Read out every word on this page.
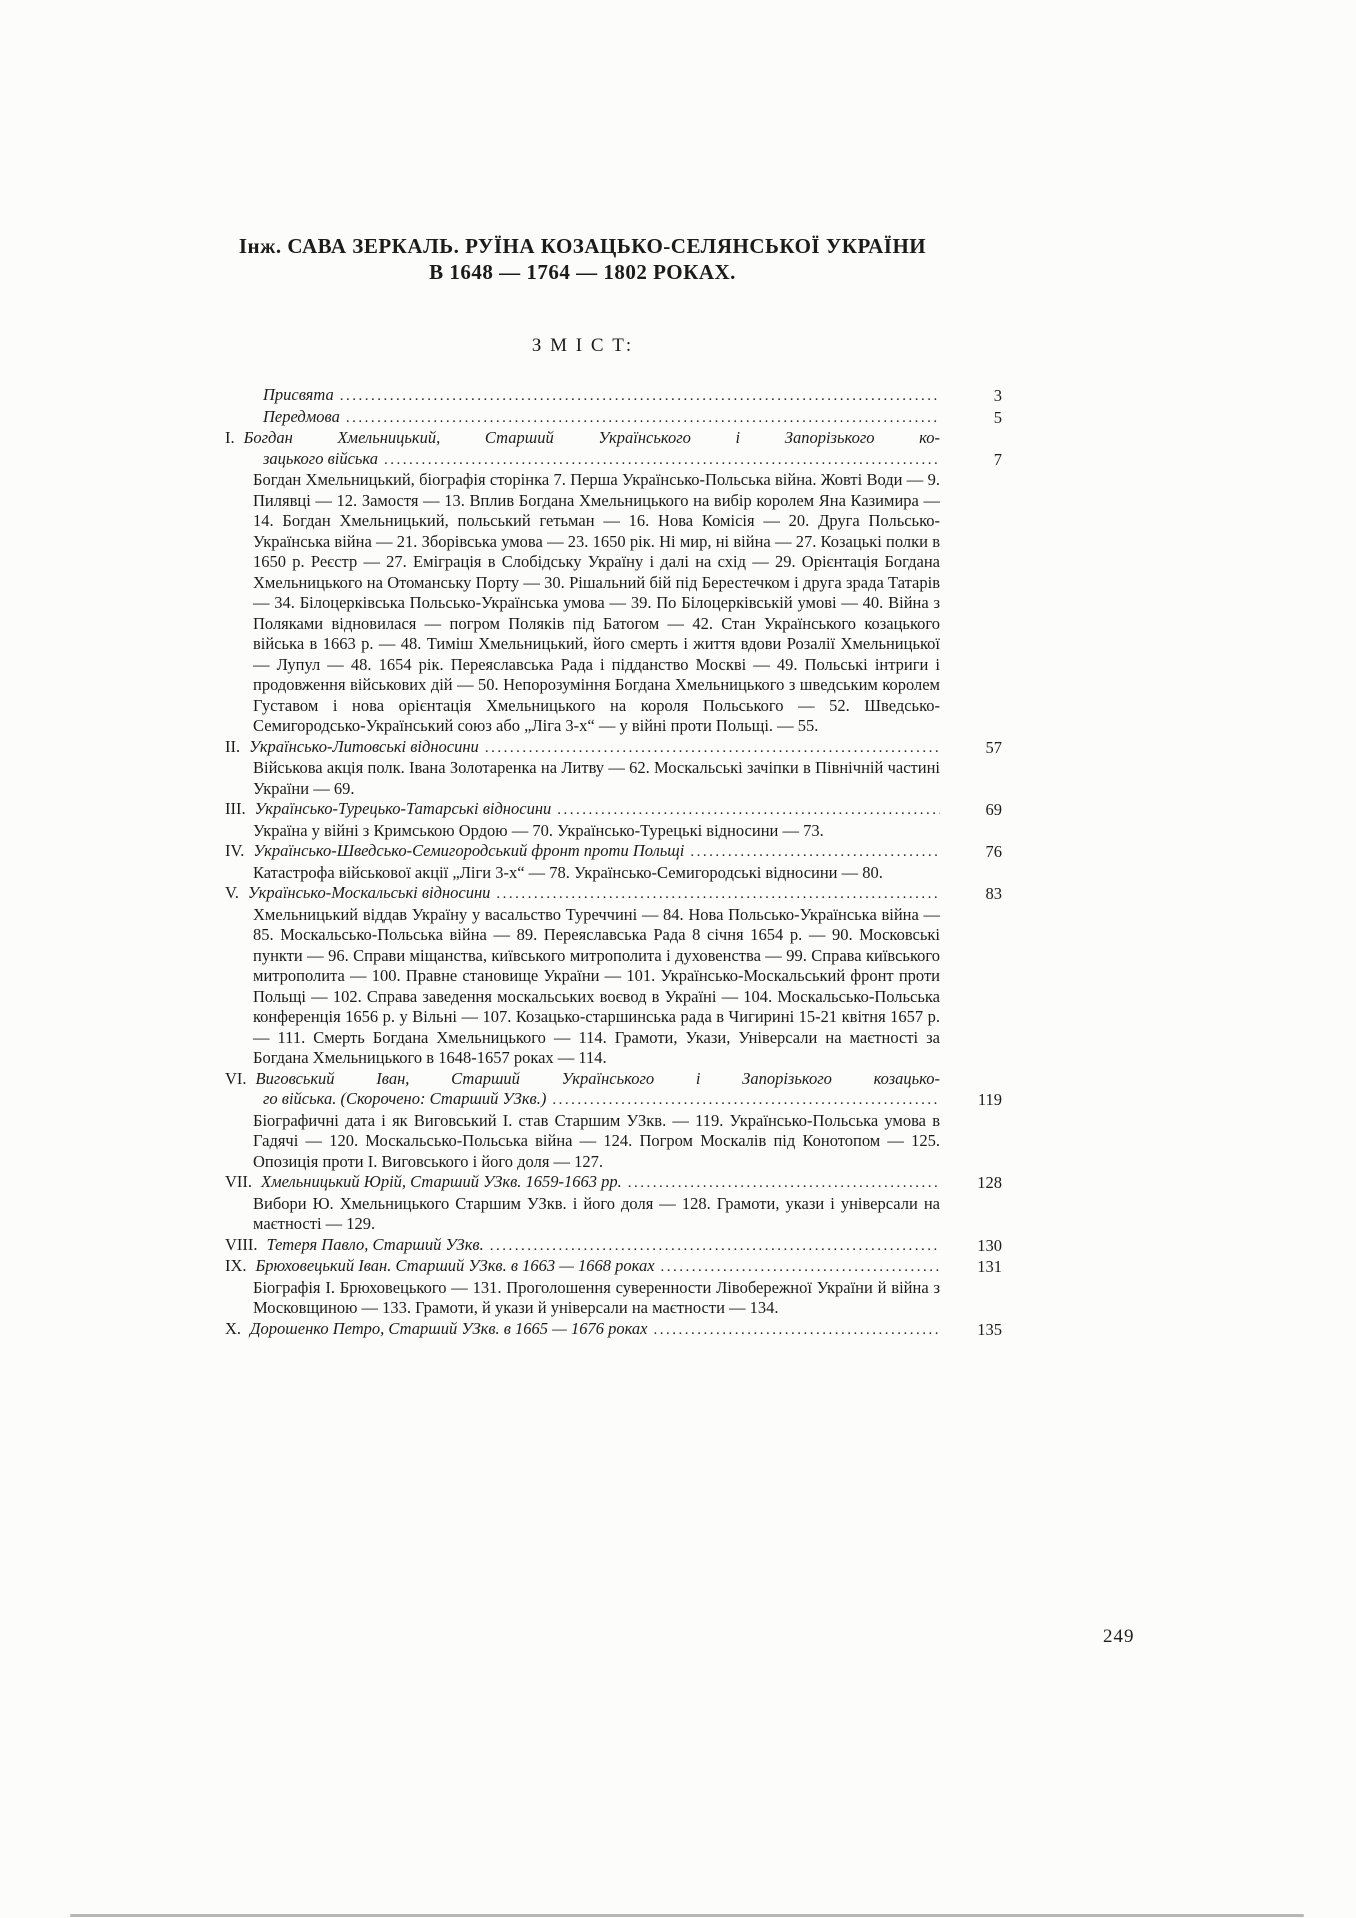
Інж. САВА ЗЕРКАЛЬ. РУЇНА КОЗАЦЬКО-СЕЛЯНСЬКОЇ УКРАЇНИ
В 1648 — 1764 — 1802 РОКАХ.
З М І С Т:
Присвята .....	3
Передмова .....	5
I. Богдан Хмельницький, Старший Українського і Запорізького ко-
зацького війська .....	7
Богдан Хмельницький, біографія сторінка 7. Перша Українсько-Польська війна. Жовті Води — 9. Пилявці — 12. Замостя — 13. Вплив Богдана Хмельницького на вибір королем Яна Казимира — 14. Богдан Хмельницький, польський гетьман — 16. Нова Комісія — 20. Друга Польсько-Українська війна — 21. Зборівська умова — 23. 1650 рік. Ні мир, ні війна — 27. Козацькі полки в 1650 р. Реєстр — 27. Еміграція в Слобідську Україну і далі на схід — 29. Орієнтація Богдана Хмельницького на Отоманську Порту — 30. Рішальний бій під Берестечком і друга зрада Татарів — 34. Білоцерківська Польсько-Українська умова — 39. По Білоцерківській умові — 40. Війна з Поляками відновилася — погром Поляків під Батогом — 42. Стан Українського козацького війська в 1663 р. — 48. Тиміш Хмельницький, його смерть і життя вдови Розалії Хмельницької — Лупул — 48. 1654 рік. Переяславська Рада і підданство Москві — 49. Польські інтриги і продовження військових дій — 50. Непорозуміння Богдана Хмельницького з шведським королем Густавом і нова орієнтація Хмельницького на короля Польського — 52. Шведсько-Семигородсько-Український союз або „Ліга 3-х“ — у війні проти Польщі. — 55.
II. Українсько-Литовські відносини .....	57
Військова акція полк. Івана Золотаренка на Литву — 62. Москальські зачіпки в Північній частині України — 69.
III. Українсько-Турецько-Татарські відносини .....	69
Україна у війні з Кримською Ордою — 70. Українсько-Турецькі відносини — 73.
IV. Українсько-Шведсько-Семигородський фронт проти Польщі .....	76
Катастрофа військової акції „Ліги 3-х“ — 78. Українсько-Семигородські відносини — 80.
V. Українсько-Москальські відносини .....	83
Хмельницький віддав Україну у васальство Туреччині — 84. Нова Польсько-Українська війна — 85. Москальсько-Польська війна — 89. Переяславська Рада 8 січня 1654 р. — 90. Московські пункти — 96. Справи міщанства, київського митрополита і духовенства — 99. Справа київського митрополита — 100. Правне становище України — 101. Українсько-Москальський фронт проти Польщі — 102. Справа заведення москальських воєвод в Україні — 104. Москальсько-Польська конференція 1656 р. у Вільні — 107. Козацько-старшинська рада в Чигирині 15-21 квітня 1657 р. — 111. Смерть Богдана Хмельницького — 114. Грамоти, Укази, Універсали на маєтності за Богдана Хмельницького в 1648-1657 роках — 114.
VI. Виговський Іван, Старший Українського і Запорізького козацько-
го війська. (Скорочено: Старший УЗкв.) .....	119
Біографичні дата і як Виговський І. став Старшим УЗкв. — 119. Українсько-Польська умова в Гадячі — 120. Москальсько-Польська війна — 124. Погром Москалів під Конотопом — 125. Опозиція проти І. Виговського і його доля — 127.
VII. Хмельницький Юрій, Старший УЗкв. 1659-1663 рр. .....	128
Вибори Ю. Хмельницького Старшим УЗкв. і його доля — 128. Грамоти, укази і універсали на маєтності — 129.
VIII. Тетеря Павло, Старший УЗкв. .....	130
IX. Брюховецький Іван. Старший УЗкв. в 1663 — 1668 роках .....	131
Біографія І. Брюховецького — 131. Проголошення суверенности Лівобережної України й війна з Московщиною — 133. Грамоти, й укази й універсали на маєтности — 134.
X. Дорошенко Петро, Старший УЗкв. в 1665 — 1676 роках .....	135
249
